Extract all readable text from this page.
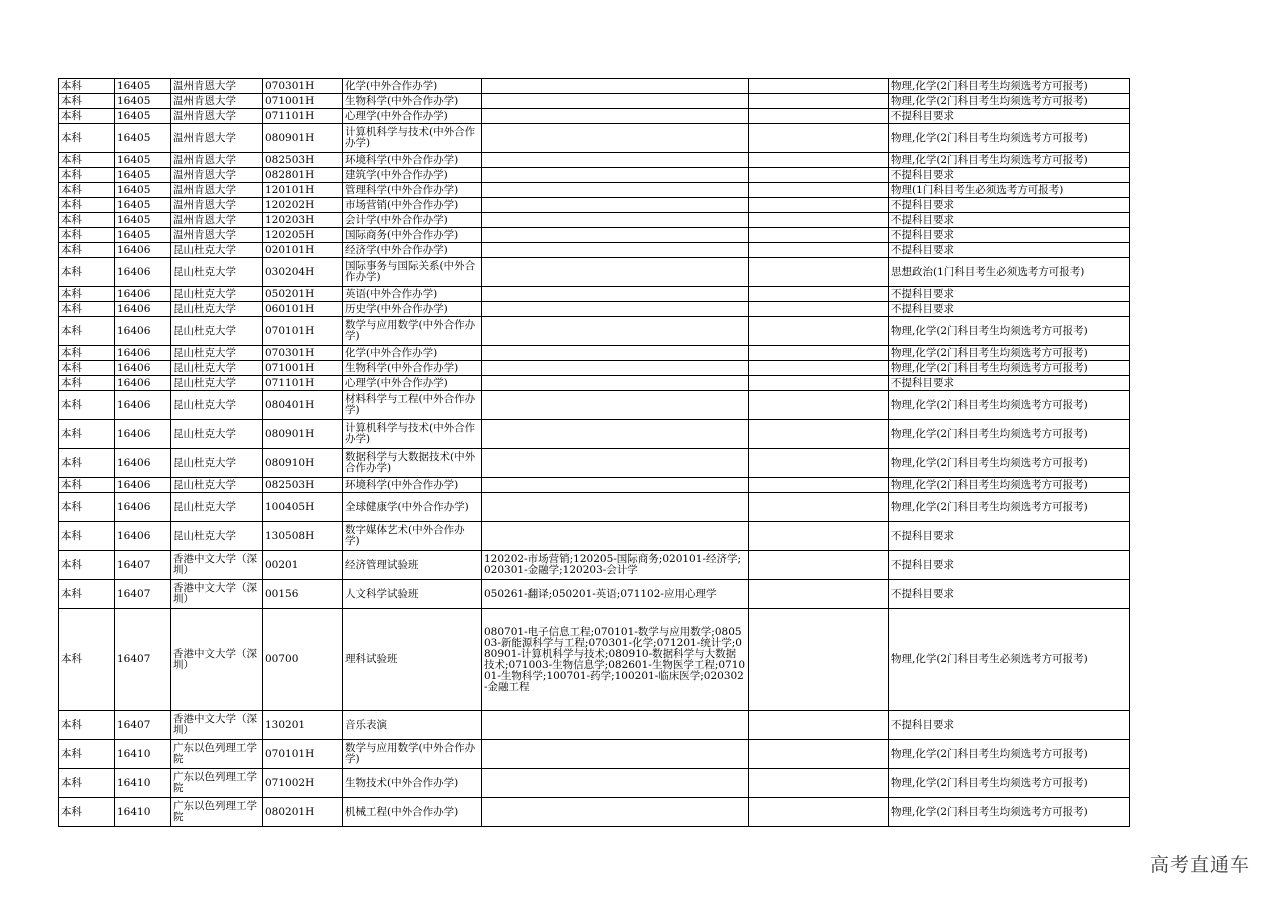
本科	16405	温州肯恩大学	070301H	化学(中外合作办学)			物理,化学(2门科目考生均须选考方可报考)
本科	16405	温州肯恩大学	071001H	生物科学(中外合作办学)			物理,化学(2门科目考生均须选考方可报考)
本科	16405	温州肯恩大学	071101H	心理学(中外合作办学)			不提科目要求
本科	16405	温州肯恩大学	080901H	计算机科学与技术(中外合作办学)			物理,化学(2门科目考生均须选考方可报考)
本科	16405	温州肯恩大学	082503H	环境科学(中外合作办学)			物理,化学(2门科目考生均须选考方可报考)
本科	16405	温州肯恩大学	082801H	建筑学(中外合作办学)			不提科目要求
本科	16405	温州肯恩大学	120101H	管理科学(中外合作办学)			物理(1门科目考生必须选考方可报考)
本科	16405	温州肯恩大学	120202H	市场营销(中外合作办学)			不提科目要求
本科	16405	温州肯恩大学	120203H	会计学(中外合作办学)			不提科目要求
本科	16405	温州肯恩大学	120205H	国际商务(中外合作办学)			不提科目要求
本科	16406	昆山杜克大学	020101H	经济学(中外合作办学)			不提科目要求
本科	16406	昆山杜克大学	030204H	国际事务与国际关系(中外合作办学)			思想政治(1门科目考生必须选考方可报考)
本科	16406	昆山杜克大学	050201H	英语(中外合作办学)			不提科目要求
本科	16406	昆山杜克大学	060101H	历史学(中外合作办学)			不提科目要求
本科	16406	昆山杜克大学	070101H	数学与应用数学(中外合作办学)			物理,化学(2门科目考生均须选考方可报考)
本科	16406	昆山杜克大学	070301H	化学(中外合作办学)			物理,化学(2门科目考生均须选考方可报考)
本科	16406	昆山杜克大学	071001H	生物科学(中外合作办学)			物理,化学(2门科目考生均须选考方可报考)
本科	16406	昆山杜克大学	071101H	心理学(中外合作办学)			不提科目要求
本科	16406	昆山杜克大学	080401H	材料科学与工程(中外合作办学)			物理,化学(2门科目考生均须选考方可报考)
本科	16406	昆山杜克大学	080901H	计算机科学与技术(中外合作办学)			物理,化学(2门科目考生均须选考方可报考)
本科	16406	昆山杜克大学	080910H	数据科学与大数据技术(中外合作办学)			物理,化学(2门科目考生均须选考方可报考)
本科	16406	昆山杜克大学	082503H	环境科学(中外合作办学)			物理,化学(2门科目考生均须选考方可报考)
本科	16406	昆山杜克大学	100405H	全球健康学(中外合作办学)			物理,化学(2门科目考生均须选考方可报考)
本科	16406	昆山杜克大学	130508H	数字媒体艺术(中外合作办学)			不提科目要求
本科	16407	香港中文大学（深圳）	00201	经济管理试验班	120202-市场营销;120205-国际商务;020101-经济学;020301-金融学;120203-会计学		不提科目要求
本科	16407	香港中文大学（深圳）	00156	人文科学试验班	050261-翻译;050201-英语;071102-应用心理学		不提科目要求
本科	16407	香港中文大学（深圳）	00700	理科试验班	080701-电子信息工程;070101-数学与应用数学;080503-新能源科学与工程;070301-化学;071201-统计学;080901-计算机科学与技术;080910-数据科学与大数据技术;071003-生物信息学;082601-生物医学工程;071001-生物科学;100701-药学;100201-临床医学;020302-金融工程		物理,化学(2门科目考生必须选考方可报考)
本科	16407	香港中文大学（深圳）	130201	音乐表演			不提科目要求
本科	16410	广东以色列理工学院	070101H	数学与应用数学(中外合作办学)			物理,化学(2门科目考生均须选考方可报考)
本科	16410	广东以色列理工学院	071002H	生物技术(中外合作办学)			物理,化学(2门科目考生均须选考方可报考)
本科	16410	广东以色列理工学院	080201H	机械工程(中外合作办学)			物理,化学(2门科目考生均须选考方可报考)
高考直通车
